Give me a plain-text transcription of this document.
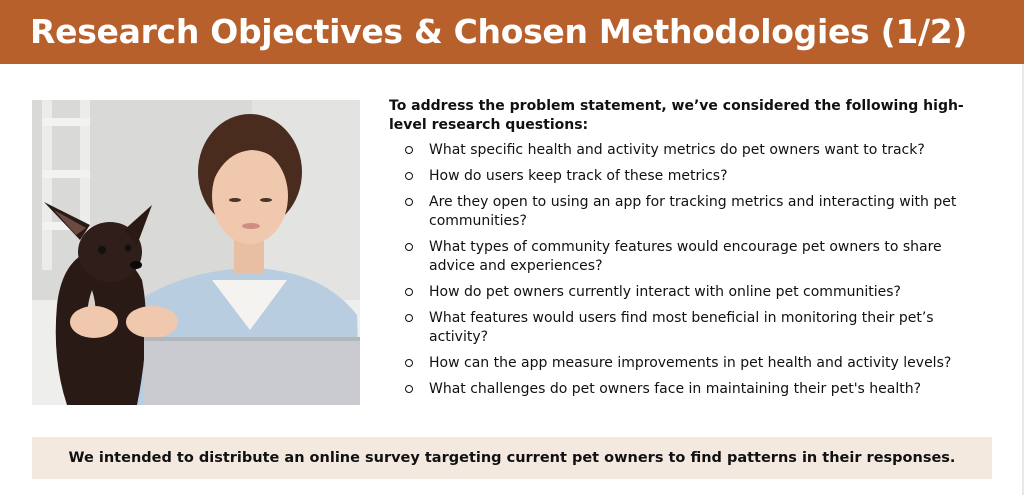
Research Objectives & Chosen Methodologies (1/2)

To address the problem statement, we’ve considered the following high-level research questions:

What specific health and activity metrics do pet owners want to track?
How do users keep track of these metrics?
Are they open to using an app for tracking metrics and interacting with pet communities?
What types of community features would encourage pet owners to share advice and experiences?
How do pet owners currently interact with online pet communities?
What features would users find most beneficial in monitoring their pet’s activity?
How can the app measure improvements in pet health and activity levels?
What challenges do pet owners face in maintaining their pet's health?
We intended to distribute an online survey targeting current pet owners to find patterns in their responses.
